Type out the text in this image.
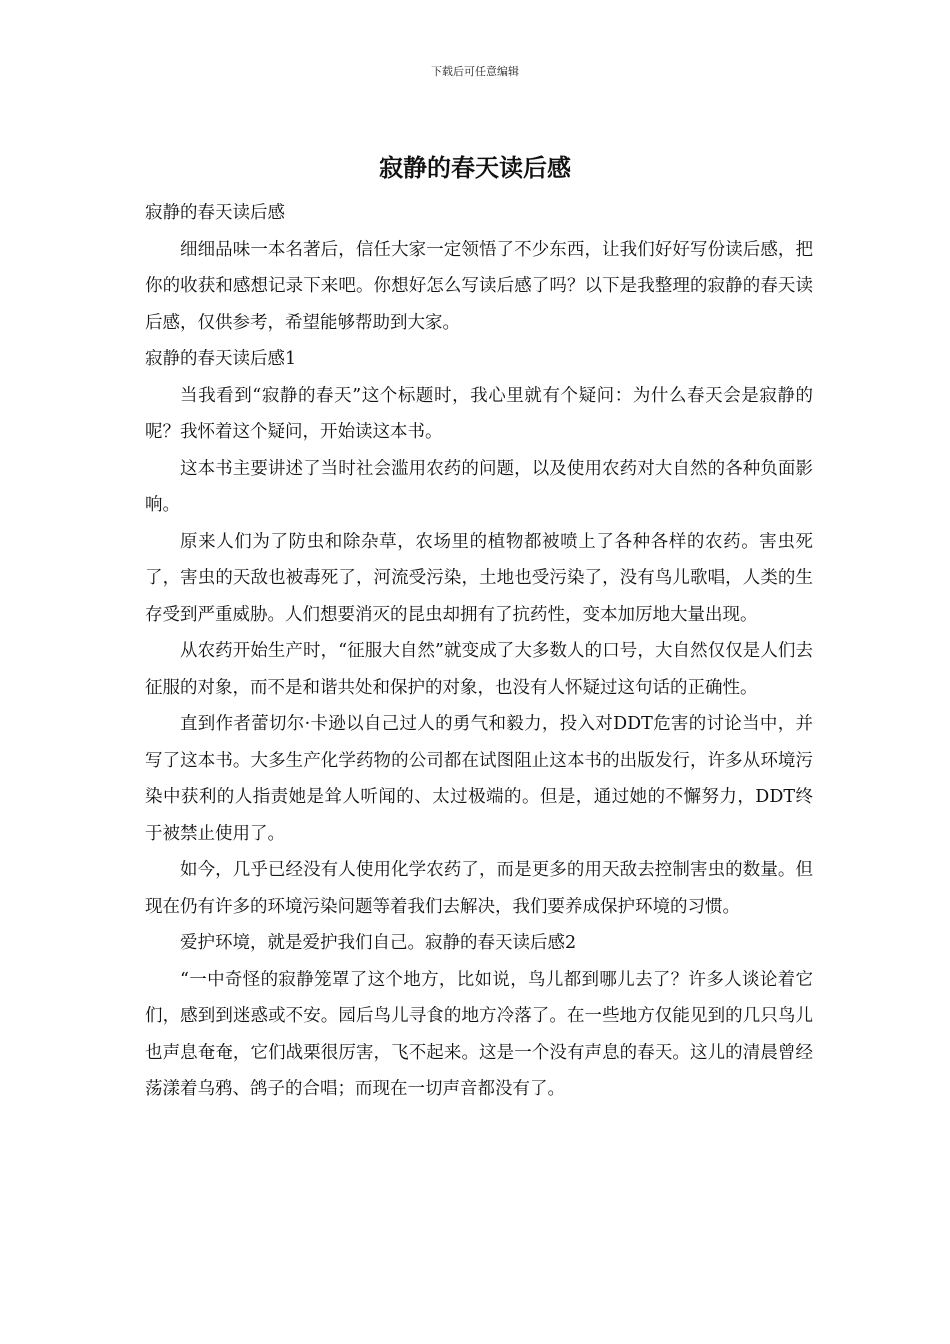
下载后可任意编辑
寂静的春天读后感

寂静的春天读后感

细细品味一本名著后，信任大家一定领悟了不少东西，让我们好好写份读后感，把你的收获和感想记录下来吧。你想好怎么写读后感了吗？以下是我整理的寂静的春天读后感，仅供参考，希望能够帮助到大家。

寂静的春天读后感1

当我看到“寂静的春天”这个标题时，我心里就有个疑问：为什么春天会是寂静的呢？我怀着这个疑问，开始读这本书。

这本书主要讲述了当时社会滥用农药的问题，以及使用农药对大自然的各种负面影响。

原来人们为了防虫和除杂草，农场里的植物都被喷上了各种各样的农药。害虫死了，害虫的天敌也被毒死了，河流受污染，土地也受污染了，没有鸟儿歌唱，人类的生存受到严重威胁。人们想要消灭的昆虫却拥有了抗药性，变本加厉地大量出现。

从农药开始生产时，“征服大自然”就变成了大多数人的口号，大自然仅仅是人们去征服的对象，而不是和谐共处和保护的对象，也没有人怀疑过这句话的正确性。

直到作者蕾切尔·卡逊以自己过人的勇气和毅力，投入对DDT危害的讨论当中，并写了这本书。大多生产化学药物的公司都在试图阻止这本书的出版发行，许多从环境污染中获利的人指责她是耸人听闻的、太过极端的。但是，通过她的不懈努力，DDT终于被禁止使用了。

如今，几乎已经没有人使用化学农药了，而是更多的用天敌去控制害虫的数量。但现在仍有许多的环境污染问题等着我们去解决，我们要养成保护环境的习惯。

爱护环境，就是爱护我们自己。寂静的春天读后感2

“一中奇怪的寂静笼罩了这个地方，比如说，鸟儿都到哪儿去了？许多人谈论着它们，感到到迷惑或不安。园后鸟儿寻食的地方冷落了。在一些地方仅能见到的几只鸟儿也声息奄奄，它们战栗很厉害，飞不起来。这是一个没有声息的春天。这儿的清晨曾经荡漾着乌鸦、鸽子的合唱；而现在一切声音都没有了。
